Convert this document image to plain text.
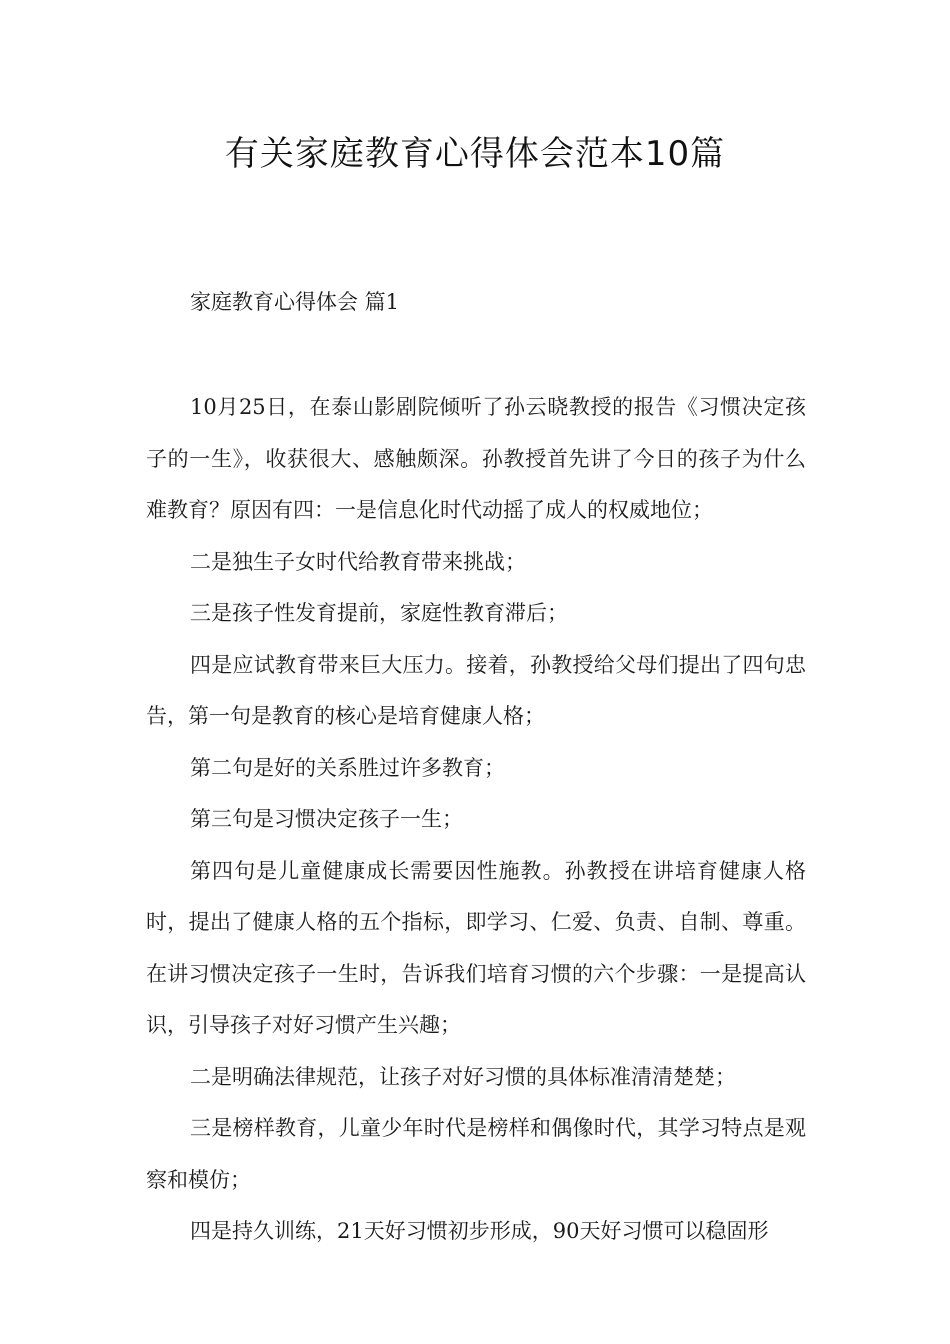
有关家庭教育心得体会范本10篇
家庭教育心得体会 篇1

10月25日，在泰山影剧院倾听了孙云晓教授的报告《习惯决定孩子的一生》，收获很大、感触颇深。孙教授首先讲了今日的孩子为什么难教育？原因有四：一是信息化时代动摇了成人的权威地位；

二是独生子女时代给教育带来挑战；

三是孩子性发育提前，家庭性教育滞后；

四是应试教育带来巨大压力。接着，孙教授给父母们提出了四句忠告，第一句是教育的核心是培育健康人格；

第二句是好的关系胜过许多教育；

第三句是习惯决定孩子一生；

第四句是儿童健康成长需要因性施教。孙教授在讲培育健康人格时，提出了健康人格的五个指标，即学习、仁爱、负责、自制、尊重。在讲习惯决定孩子一生时，告诉我们培育习惯的六个步骤：一是提高认识，引导孩子对好习惯产生兴趣；

二是明确法律规范，让孩子对好习惯的具体标准清清楚楚；

三是榜样教育，儿童少年时代是榜样和偶像时代，其学习特点是观察和模仿；

四是持久训练，21天好习惯初步形成，90天好习惯可以稳固形
